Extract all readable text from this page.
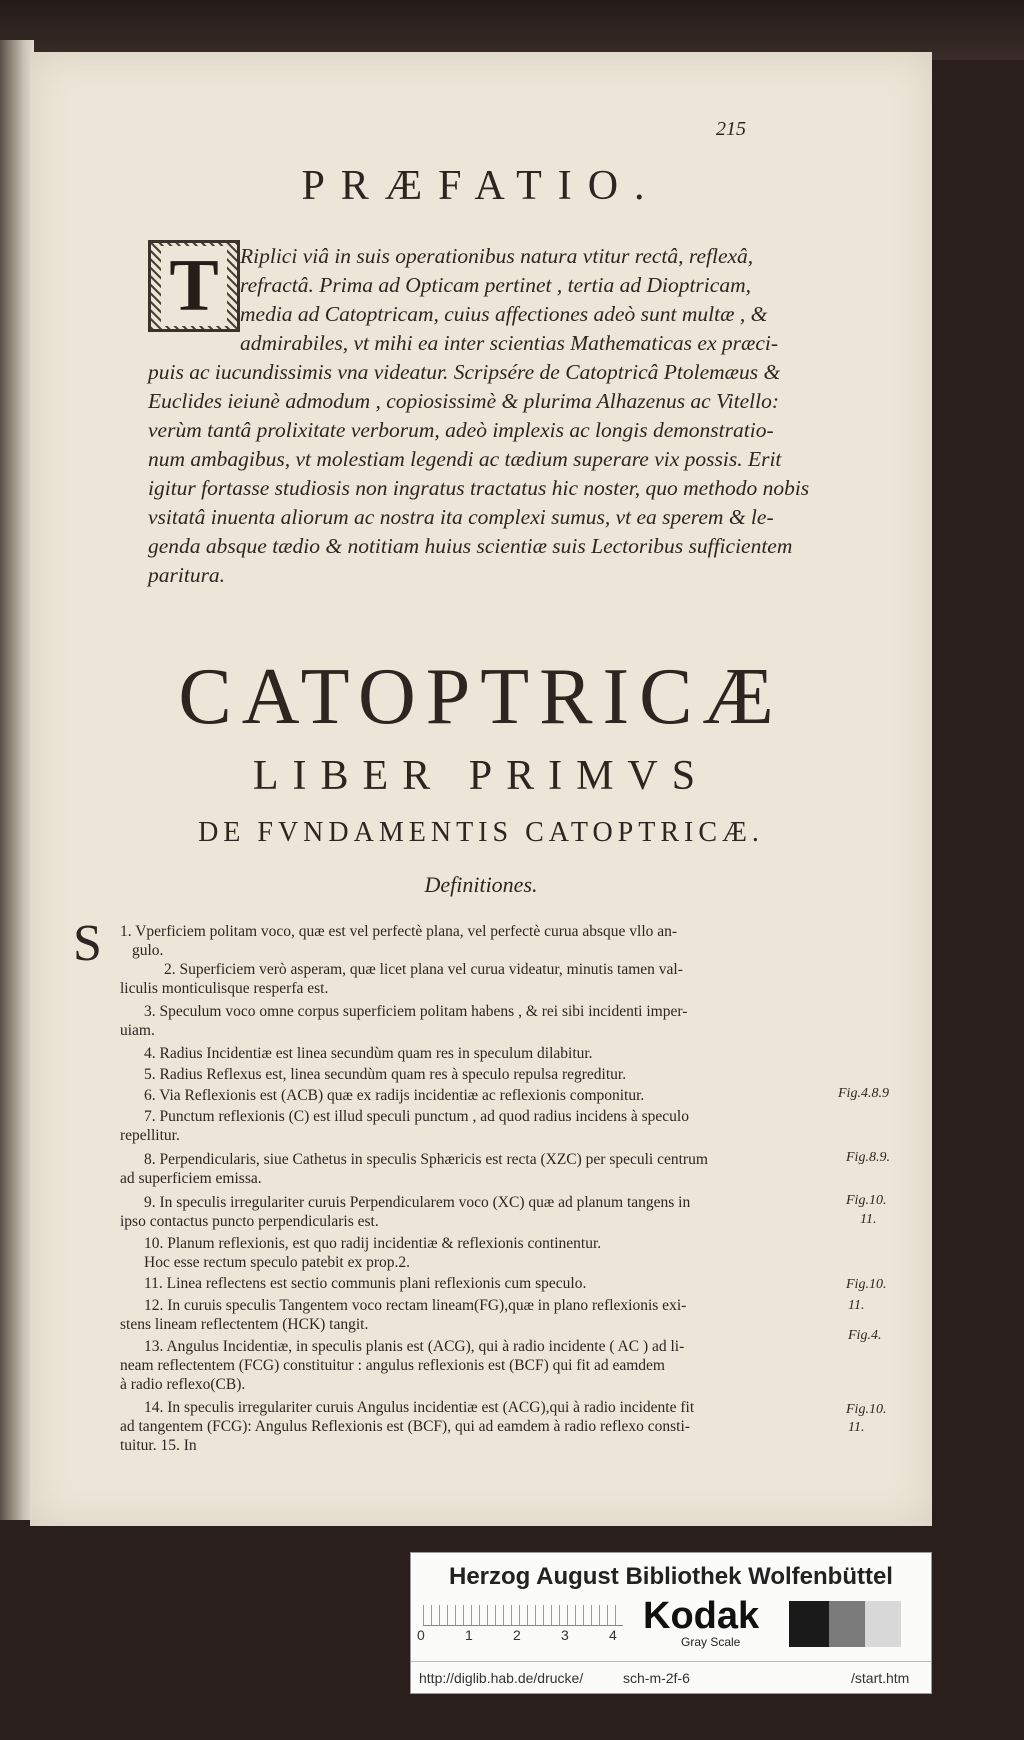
215
PRÆFATIO.
T Riplici viâ in suis operationibus natura vtitur rectâ, reflexâ,
refractâ. Prima ad Opticam pertinet , tertia ad Dioptricam,
media ad Catoptricam, cuius affectiones adeò sunt multæ , &
admirabiles, vt mihi ea inter scientias Mathematicas ex præci-
puis ac iucundissimis vna videatur. Scripsére de Catoptricâ Ptolemæus &
Euclides ieiunè admodum , copiosissimè & plurima Alhazenus ac Vitello:
verùm tantâ prolixitate verborum, adeò implexis ac longis demonstratio-
num ambagibus, vt molestiam legendi ac tædium superare vix possis. Erit
igitur fortasse studiosis non ingratus tractatus hic noster, quo methodo nobis
vsitatâ inuenta aliorum ac nostra ita complexi sumus, vt ea sperem & le-
genda absque tædio & notitiam huius scientiæ suis Lectoribus sufficientem
paritura.
CATOPTRICÆ
LIBER PRIMVS
DE FVNDAMENTIS CATOPTRICÆ.
Definitiones.
S 1. Vperficiem politam voco, quæ est vel perfectè plana, vel perfectè curua absque vllo an-
gulo.
2. Superficiem verò asperam, quæ licet plana vel curua videatur, minutis tamen val-
liculis monticulisque resperfa est.
3. Speculum voco omne corpus superficiem politam habens , & rei sibi incidenti imper-
uiam.
4. Radius Incidentiæ est linea secundùm quam res in speculum dilabitur.
5. Radius Reflexus est, linea secundùm quam res à speculo repulsa regreditur.
6. Via Reflexionis est (ACB) quæ ex radijs incidentiæ ac reflexionis componitur.
7. Punctum reflexionis (C) est illud speculi punctum , ad quod radius incidens à speculo
repellitur.
8. Perpendicularis, siue Cathetus in speculis Sphæricis est recta (XZC) per speculi centrum
ad superficiem emissa.
9. In speculis irregulariter curuis Perpendicularem voco (XC) quæ ad planum tangens in
ipso contactus puncto perpendicularis est.
10. Planum reflexionis, est quo radij incidentiæ & reflexionis continentur.
Hoc esse rectum speculo patebit ex prop.2.
11. Linea reflectens est sectio communis plani reflexionis cum speculo.
12. In curuis speculis Tangentem voco rectam lineam(FG),quæ in plano reflexionis exi-
stens lineam reflectentem (HCK) tangit.
13. Angulus Incidentiæ, in speculis planis est (ACG), qui à radio incidente ( AC ) ad li-
neam reflectentem (FCG) constituitur : angulus reflexionis est (BCF) qui fit ad eamdem
à radio reflexo(CB).
14. In speculis irregulariter curuis Angulus incidentiæ est (ACG),qui à radio incidente fit
ad tangentem (FCG): Angulus Reflexionis est (BCF), qui ad eamdem à radio reflexo consti-
tuitur. 15. In
Fig.4.8.9
Fig.8.9.
Fig.10.
11.
Fig.10.
11.
Fig.4.
Fig.10.
11.
Herzog August Bibliothek Wolfenbüttel
0	1	2	3	4 Kodak
Gray Scale
http://diglib.hab.de/drucke/	sch-m-2f-6	/start.htm
